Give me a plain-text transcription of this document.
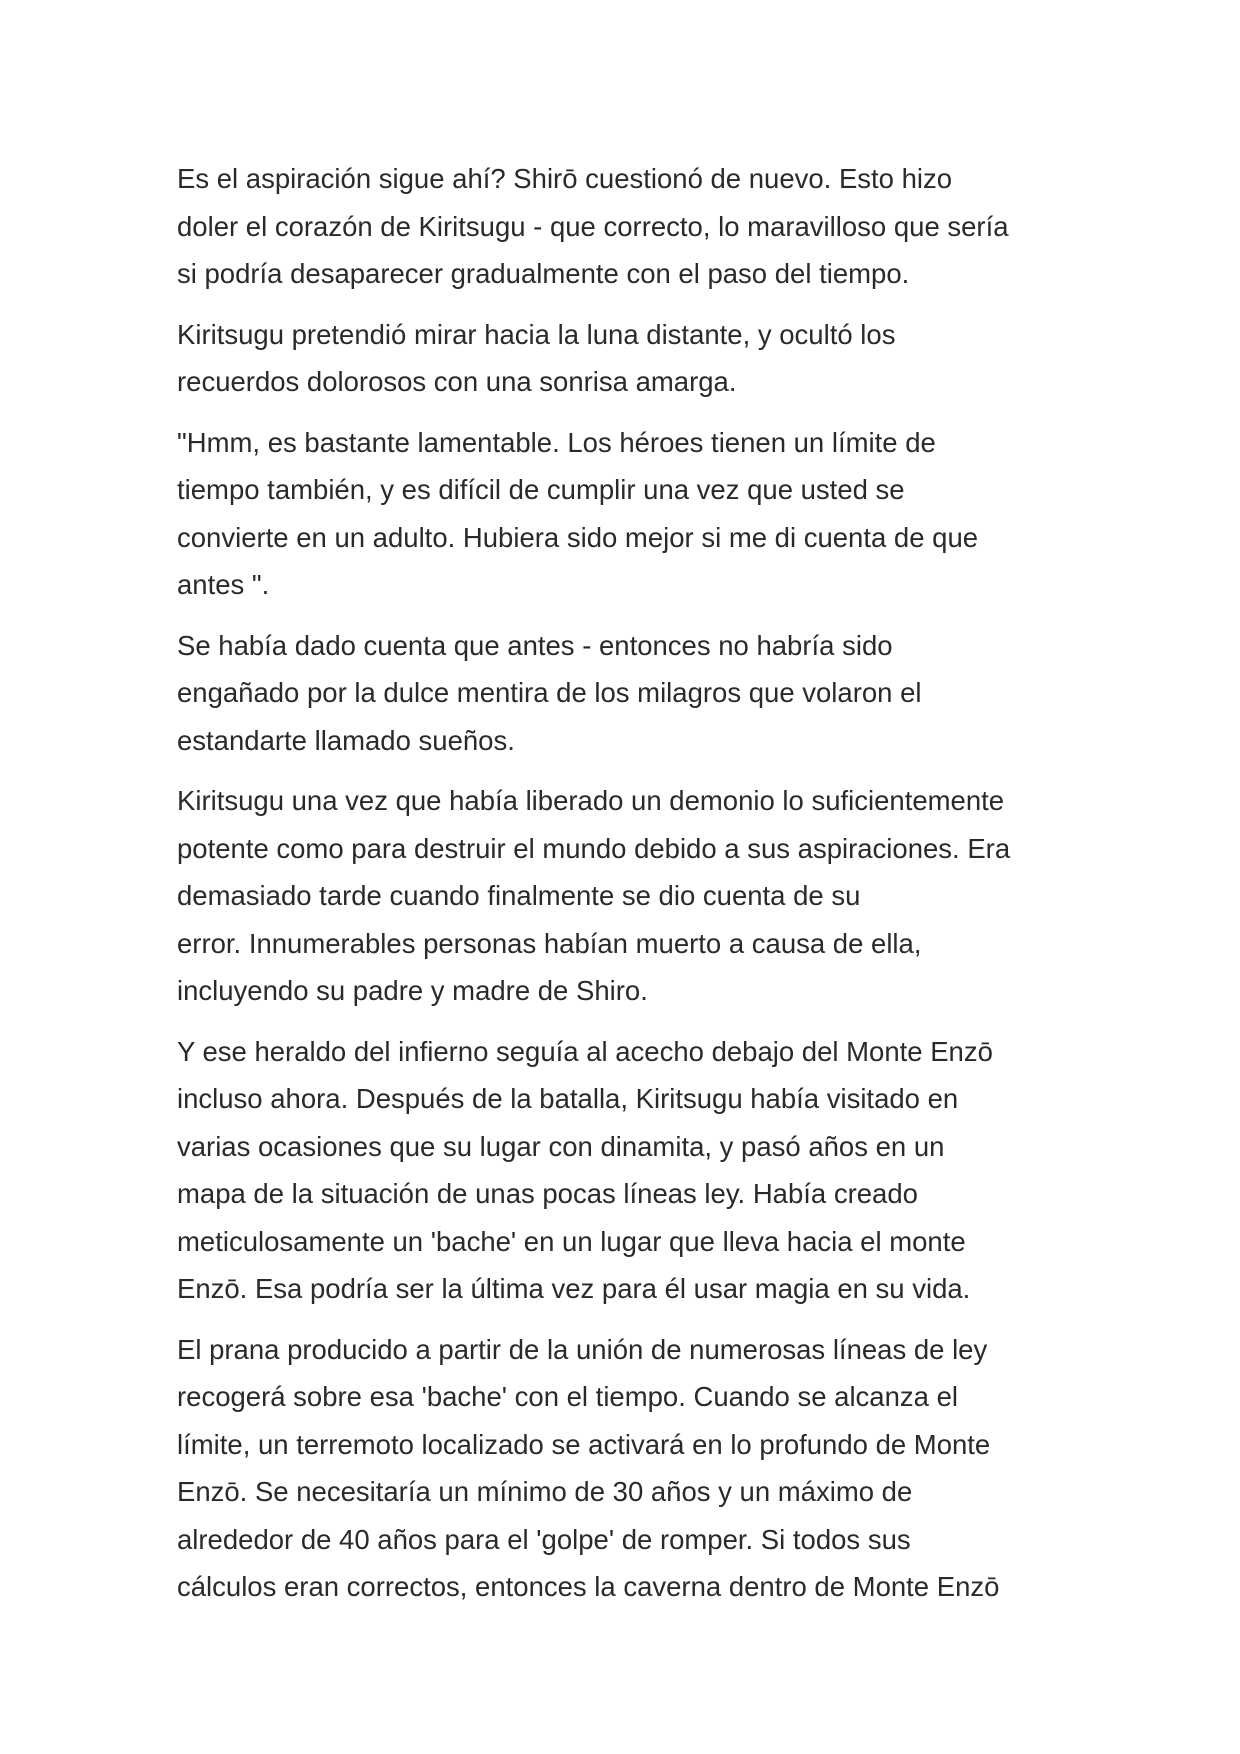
Es el aspiración sigue ahí? Shirō cuestionó de nuevo. Esto hizo
doler el corazón de Kiritsugu - que correcto, lo maravilloso que sería
si podría desaparecer gradualmente con el paso del tiempo.

Kiritsugu pretendió mirar hacia la luna distante, y ocultó los
recuerdos dolorosos con una sonrisa amarga.

"Hmm, es bastante lamentable. Los héroes tienen un límite de
tiempo también, y es difícil de cumplir una vez que usted se
convierte en un adulto. Hubiera sido mejor si me di cuenta de que
antes ".

Se había dado cuenta que antes - entonces no habría sido
engañado por la dulce mentira de los milagros que volaron el
estandarte llamado sueños.

Kiritsugu una vez que había liberado un demonio lo suficientemente
potente como para destruir el mundo debido a sus aspiraciones. Era
demasiado tarde cuando finalmente se dio cuenta de su
error. Innumerables personas habían muerto a causa de ella,
incluyendo su padre y madre de Shiro.

Y ese heraldo del infierno seguía al acecho debajo del Monte Enzō
incluso ahora. Después de la batalla, Kiritsugu había visitado en
varias ocasiones que su lugar con dinamita, y pasó años en un
mapa de la situación de unas pocas líneas ley. Había creado
meticulosamente un 'bache' en un lugar que lleva hacia el monte
Enzō. Esa podría ser la última vez para él usar magia en su vida.

El prana producido a partir de la unión de numerosas líneas de ley
recogerá sobre esa 'bache' con el tiempo. Cuando se alcanza el
límite, un terremoto localizado se activará en lo profundo de Monte
Enzō. Se necesitaría un mínimo de 30 años y un máximo de
alrededor de 40 años para el 'golpe' de romper. Si todos sus
cálculos eran correctos, entonces la caverna dentro de Monte Enzō
